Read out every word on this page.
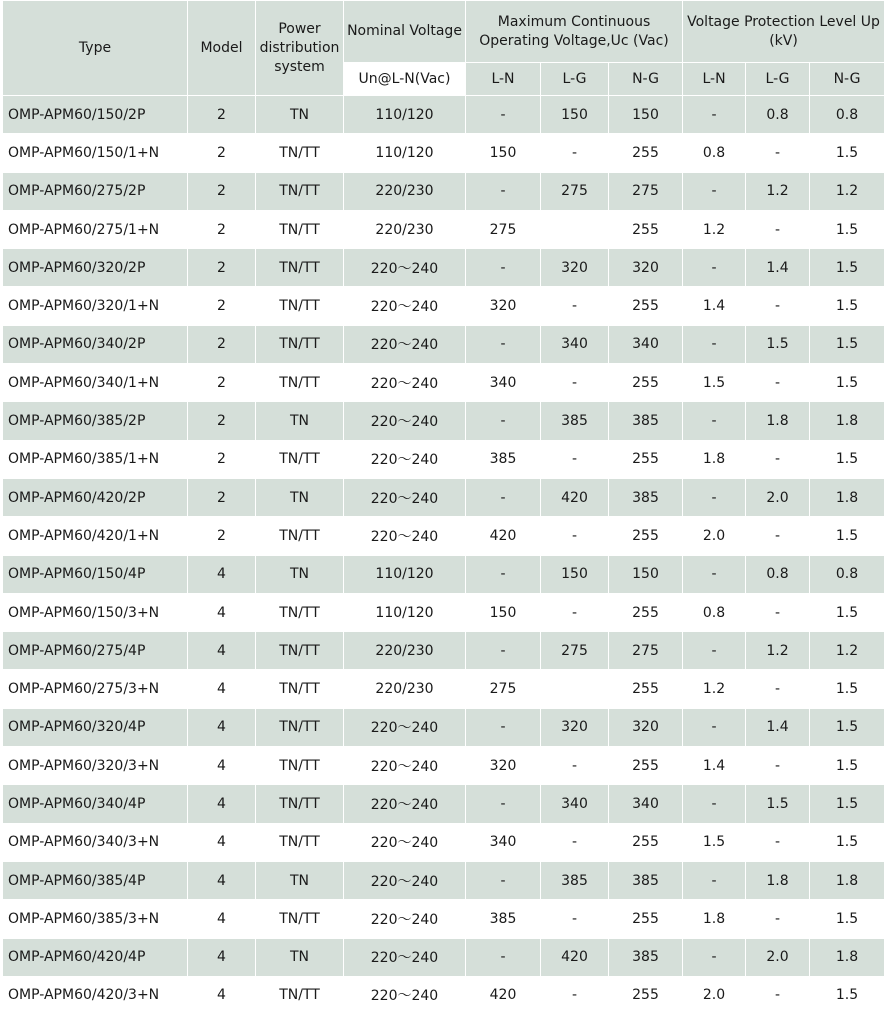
Type	Model	Power distribution system	Nominal Voltage	Maximum Continuous Operating Voltage,Uc (Vac)			Voltage Protection Level Up (kV)		
			Un@L-N(Vac)	L-N	L-G	N-G	L-N	L-G	N-G
OMP-APM60/150/2P	2	TN	110/120	-	150	150	-	0.8	0.8
OMP-APM60/150/1+N	2	TN/TT	110/120	150	-	255	0.8	-	1.5
OMP-APM60/275/2P	2	TN/TT	220/230	-	275	275	-	1.2	1.2
OMP-APM60/275/1+N	2	TN/TT	220/230	275		255	1.2	-	1.5
OMP-APM60/320/2P	2	TN/TT	220～240	-	320	320	-	1.4	1.5
OMP-APM60/320/1+N	2	TN/TT	220～240	320	-	255	1.4	-	1.5
OMP-APM60/340/2P	2	TN/TT	220～240	-	340	340	-	1.5	1.5
OMP-APM60/340/1+N	2	TN/TT	220～240	340	-	255	1.5	-	1.5
OMP-APM60/385/2P	2	TN	220～240	-	385	385	-	1.8	1.8
OMP-APM60/385/1+N	2	TN/TT	220～240	385	-	255	1.8	-	1.5
OMP-APM60/420/2P	2	TN	220～240	-	420	385	-	2.0	1.8
OMP-APM60/420/1+N	2	TN/TT	220～240	420	-	255	2.0	-	1.5
OMP-APM60/150/4P	4	TN	110/120	-	150	150	-	0.8	0.8
OMP-APM60/150/3+N	4	TN/TT	110/120	150	-	255	0.8	-	1.5
OMP-APM60/275/4P	4	TN/TT	220/230	-	275	275	-	1.2	1.2
OMP-APM60/275/3+N	4	TN/TT	220/230	275		255	1.2	-	1.5
OMP-APM60/320/4P	4	TN/TT	220～240	-	320	320	-	1.4	1.5
OMP-APM60/320/3+N	4	TN/TT	220～240	320	-	255	1.4	-	1.5
OMP-APM60/340/4P	4	TN/TT	220～240	-	340	340	-	1.5	1.5
OMP-APM60/340/3+N	4	TN/TT	220～240	340	-	255	1.5	-	1.5
OMP-APM60/385/4P	4	TN	220～240	-	385	385	-	1.8	1.8
OMP-APM60/385/3+N	4	TN/TT	220～240	385	-	255	1.8	-	1.5
OMP-APM60/420/4P	4	TN	220～240	-	420	385	-	2.0	1.8
OMP-APM60/420/3+N	4	TN/TT	220～240	420	-	255	2.0	-	1.5
